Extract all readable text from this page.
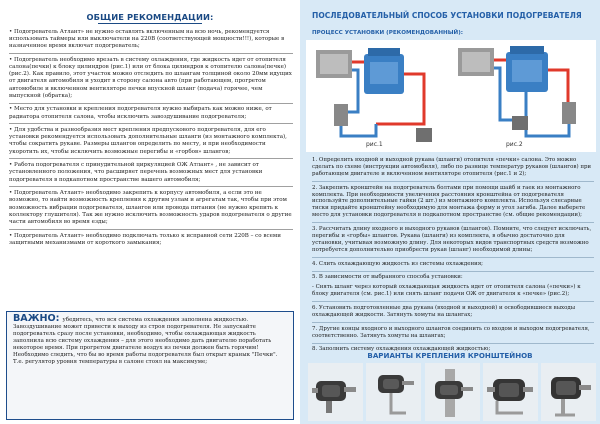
ОБЩИЕ РЕКОМЕНДАЦИИ:
• Подогреватель Атлант» не нужно оставлять включенным на всю ночь, рекомендуется использовать таймеры или выключатели на 220В (соответствующей мощности!!!), которые в назначенное время включат подогреватель;
• Подогреватель необходимо врезать в систему охлаждения, где жидкость идет от отопителя салона(печки) к блоку цилиндров (рис.1) или от блока цилиндров к отопителю салона(печке)(рис.2). Как правило, этот участок можно отследить по шлангам толщиной около 20мм идущих от двигателя автомобиля и уходит в сторону салона авто (при работающем, прогретом автомобиле и включенном вентиляторе печки впускной шланг (подача) горячее, чем выпускной (обратка);
• Место для установки и крепления подогревателя нужно выбирать как можно ниже, от радиатора отопителя салона, чтобы исключить завоздушивание подогревателя;
• Для удобства и разнообразия мест крепления предпускового подогревателя, для его установки рекомендуется использовать дополнительные шланги (из монтажного комплекта), чтобы сократить рукаве. Размеры шлангов определить по месту, и при необходимости укоротить их, чтобы исключить возможные перегибы и «горбов» шлангов;
• Работа подогревателя с принудительной циркуляцией ОЖ Атлант» , не зависит от установленного положения, что расширяет перечень возможных мест для установки подогревателя в подкапотном пространстве вашего автомобиля;
• Подогреватель Атлант» необходимо закрепить к корпусу автомобиля, а если это не возможно, то найти возможность крепления к другим узлам и агрегатам так, чтобы при этом возможность вибрации подогревателя, шлангов или провода питания (не нужно крепить к коллектору глушителя). Так же нужно исключить возможность ударов подогревателя о другие части автомобиля во время езды;
• Подогреватель Атлант» необходимо подключать только к исправной сети 220В – со всеми защитными механизмами от короткого замыкания;
ВАЖНО: убедитесь, что вся система охлаждения заполнена жидкостью. Завоздушивание может привести к выходу из строя подогревателя. Не запускайте подогреватель сразу после установки, необходимо, чтобы охлаждающая жидкость заполнила всю систему охлаждения – для этого необходимо дать двигателю поработать некоторое время. При прогретом двигателе воздух из печки должен быть горячим! Необходимо следить, что бы во время работы подогревателя был открыт кранык "Печки". Т.е. регулятор уровня температуры в салоне стоял на максимуме;
ПОСЛЕДОВАТЕЛЬНЫЙ СПОСОБ УСТАНОВКИ ПОДОГРЕВАТЕЛЯ
ПРОЦЕСС УСТАНОВКИ (РЕКОМЕНДОВАННЫЙ):
рис.1	рис.2
1. Определить входной и выходной рукава (шланги) отопителя «печки» салона. Это можно сделать по схеме (инструкции автомобиля), либо по разнице температур рукавов (шлангов) при работающем двигателе и включенном вентиляторе отопителя (рис.1 и 2);
2. Закрепить кронштейн на подогреватель болтами при помощи шайб и гаек из монтажного комплекта. При необходимости увеличения расстояния кронштейна от подогревателя используйте дополнительные гайки (2 шт.) из монтажного комплекта. Используя слесарные тиски придайте кронштейну необходимую для монтажа форму и угол загиба. Далее выберете место для установки подогревателя в подкапотном пространстве (см. общие рекомендации);
3. Рассчитать длину входного и выходного рукавов (шлангов). Помните, что следует исключать, перегибы и «горбы» шлангов. Рукава (шланги) из комплекта, в обычно достаточно для установки, учитывая возможную длину. Для некоторых видов транспортных средств возможно потребуется дополнительно приобрести рукав (шланг) необходимой длины;
4. Слить охлаждающую жидкость из системы охлаждения;
5. В зависимости от выбранного способа установки:
- Снять шланг через который охлаждающая жидкость идет от отопителя салона («печки») к блоку двигателя (см. рис.1) или снять шланг подачи ОЖ от двигателя к «печке» (рис.2);
6. Установить подготовленные два рукава (входной и выходной) и освободившиеся выходы охлаждающей жидкости. Затянуть хомуты на шлангах;
7. Другие концы входного и выходного шлангов соединить со входом и выходом подогревателя, соответственно. Затянуть хомуты на шлангах;
8. Заполнить систему охлаждения охлаждающей жидкостью;
ВАРИАНТЫ КРЕПЛЕНИЯ КРОНШТЕЙНОВ
